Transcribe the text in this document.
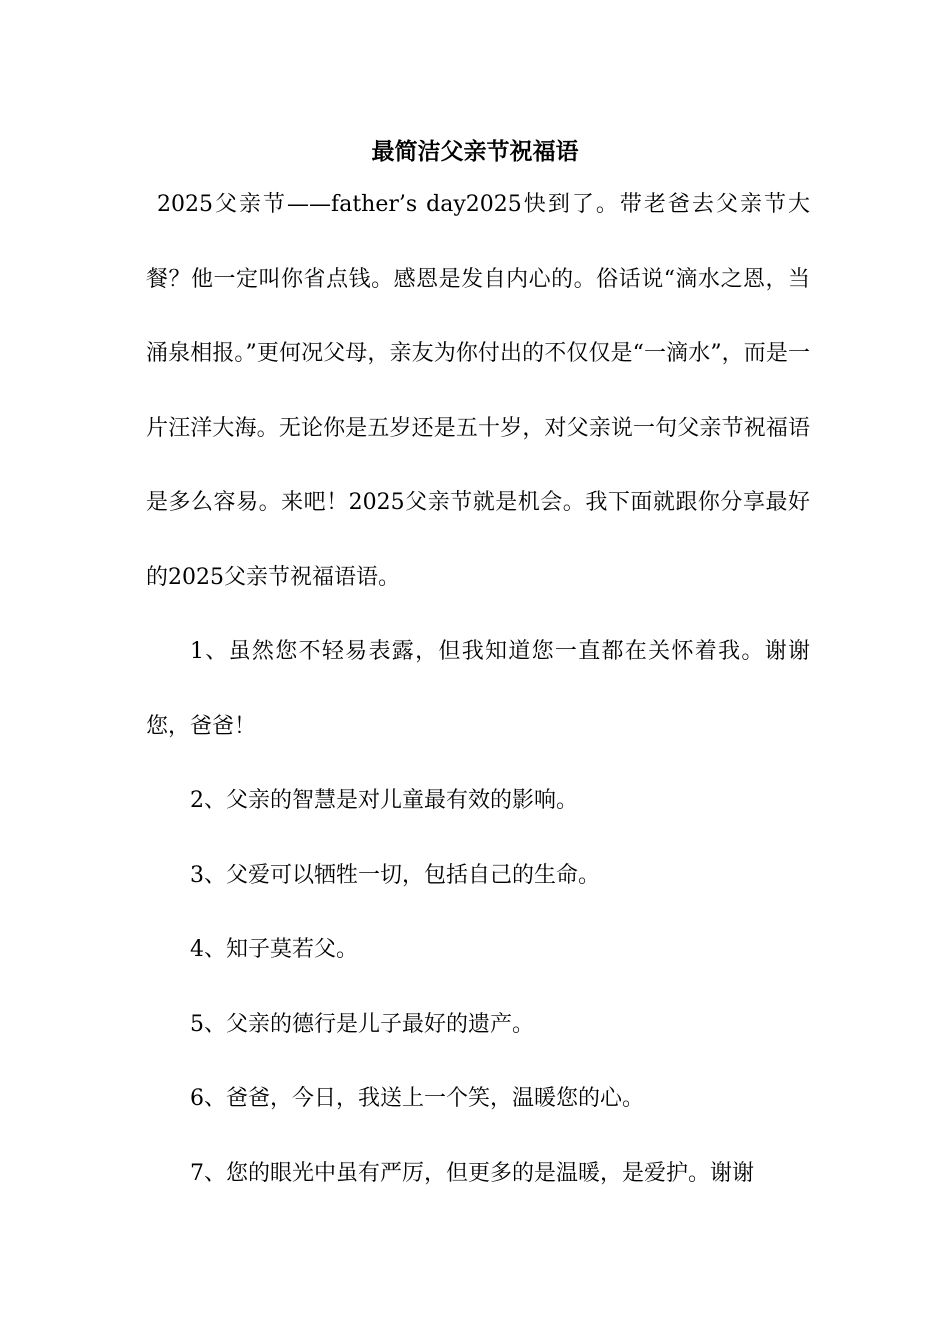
最简洁父亲节祝福语

2025父亲节——father’s day2025快到了。带老爸去父亲节大餐？他一定叫你省点钱。感恩是发自内心的。俗话说“滴水之恩，当涌泉相报。”更何况父母，亲友为你付出的不仅仅是“一滴水”，而是一片汪洋大海。无论你是五岁还是五十岁，对父亲说一句父亲节祝福语是多么容易。来吧！2025父亲节就是机会。我下面就跟你分享最好的2025父亲节祝福语语。

1、虽然您不轻易表露，但我知道您一直都在关怀着我。谢谢您，爸爸！

2、父亲的智慧是对儿童最有效的影响。

3、父爱可以牺牲一切，包括自己的生命。

4、知子莫若父。

5、父亲的德行是儿子最好的遗产。

6、爸爸，今日，我送上一个笑，温暖您的心。

7、您的眼光中虽有严厉，但更多的是温暖，是爱护。谢谢
